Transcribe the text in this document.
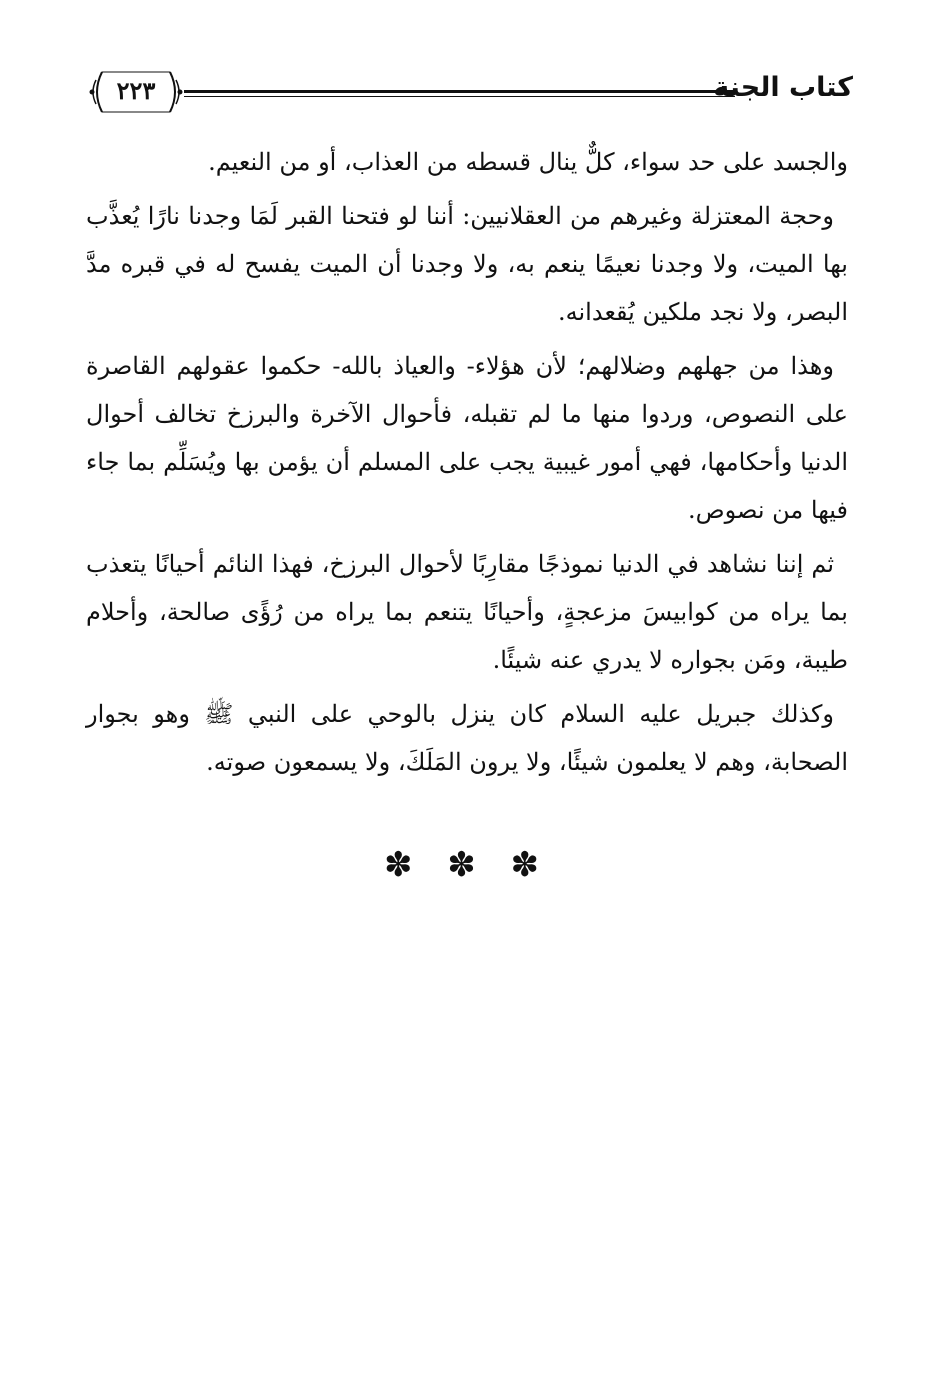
كتاب الجنة
٢٢٣

والجسد على حد سواء، كلٌّ ينال قسطه من العذاب، أو من النعيم.

وحجة المعتزلة وغيرهم من العقلانيين: أننا لو فتحنا القبر لَمَا وجدنا نارًا يُعذَّب بها الميت، ولا وجدنا نعيمًا ينعم به، ولا وجدنا أن الميت يفسح له في قبره مدَّ البصر، ولا نجد ملكين يُقعدانه.

وهذا من جهلهم وضلالهم؛ لأن هؤلاء- والعياذ بالله- حكموا عقولهم القاصرة على النصوص، وردوا منها ما لم تقبله، فأحوال الآخرة والبرزخ تخالف أحوال الدنيا وأحكامها، فهي أمور غيبية يجب على المسلم أن يؤمن بها ويُسَلِّم بما جاء فيها من نصوص.

ثم إننا نشاهد في الدنيا نموذجًا مقارِبًا لأحوال البرزخ، فهذا النائم أحيانًا يتعذب بما يراه من كوابيسَ مزعجةٍ، وأحيانًا يتنعم بما يراه من رُؤًى صالحة، وأحلام طيبة، ومَن بجواره لا يدري عنه شيئًا.

وكذلك جبريل عليه السلام كان ينزل بالوحي على النبي ﷺ وهو بجوار الصحابة، وهم لا يعلمون شيئًا، ولا يرون المَلَكَ، ولا يسمعون صوته.

✽ ✽ ✽
